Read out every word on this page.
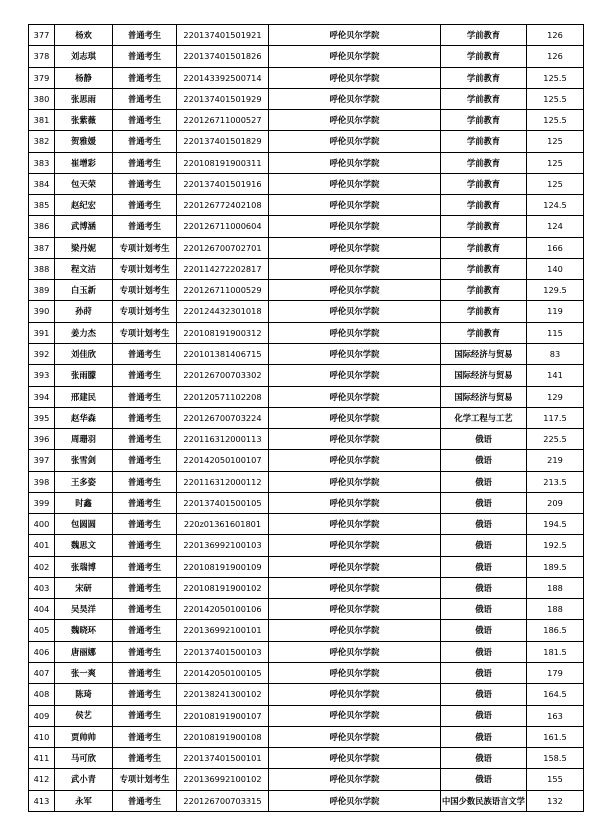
377	杨欢	普通考生	220137401501921	呼伦贝尔学院	学前教育	126
378	刘志琪	普通考生	220137401501826	呼伦贝尔学院	学前教育	126
379	杨静	普通考生	220143392500714	呼伦贝尔学院	学前教育	125.5
380	张思雨	普通考生	220137401501929	呼伦贝尔学院	学前教育	125.5
381	张紫薇	普通考生	220126711000527	呼伦贝尔学院	学前教育	125.5
382	贺雅媛	普通考生	220137401501829	呼伦贝尔学院	学前教育	125
383	崔增彩	普通考生	220108191900311	呼伦贝尔学院	学前教育	125
384	包天荣	普通考生	220137401501916	呼伦贝尔学院	学前教育	125
385	赵纪宏	普通考生	220126772402108	呼伦贝尔学院	学前教育	124.5
386	武博涵	普通考生	220126711000604	呼伦贝尔学院	学前教育	124
387	梁丹妮	专项计划考生	220126700702701	呼伦贝尔学院	学前教育	166
388	程文洁	专项计划考生	220114272202817	呼伦贝尔学院	学前教育	140
389	白玉新	专项计划考生	220126711000529	呼伦贝尔学院	学前教育	129.5
390	孙莳	专项计划考生	220124432301018	呼伦贝尔学院	学前教育	119
391	姜力杰	专项计划考生	220108191900312	呼伦贝尔学院	学前教育	115
392	刘佳欣	普通考生	220101381406715	呼伦贝尔学院	国际经济与贸易	83
393	张雨朦	普通考生	220126700703302	呼伦贝尔学院	国际经济与贸易	141
394	邢建民	普通考生	220120571102208	呼伦贝尔学院	国际经济与贸易	129
395	赵华森	普通考生	220126700703224	呼伦贝尔学院	化学工程与工艺	117.5
396	周珊羽	普通考生	220116312000113	呼伦贝尔学院	俄语	225.5
397	张雪剑	普通考生	220142050100107	呼伦贝尔学院	俄语	219
398	王多姿	普通考生	220116312000112	呼伦贝尔学院	俄语	213.5
399	时鑫	普通考生	220137401500105	呼伦贝尔学院	俄语	209
400	包圆圆	普通考生	220z01361601801	呼伦贝尔学院	俄语	194.5
401	魏思文	普通考生	220136992100103	呼伦贝尔学院	俄语	192.5
402	张瑞博	普通考生	220108191900109	呼伦贝尔学院	俄语	189.5
403	宋研	普通考生	220108191900102	呼伦贝尔学院	俄语	188
404	吴昊洋	普通考生	220142050100106	呼伦贝尔学院	俄语	188
405	魏晓环	普通考生	220136992100101	呼伦贝尔学院	俄语	186.5
406	唐丽娜	普通考生	220137401500103	呼伦贝尔学院	俄语	181.5
407	张一爽	普通考生	220142050100105	呼伦贝尔学院	俄语	179
408	陈琦	普通考生	220138241300102	呼伦贝尔学院	俄语	164.5
409	侯艺	普通考生	220108191900107	呼伦贝尔学院	俄语	163
410	贾帅帅	普通考生	220108191900108	呼伦贝尔学院	俄语	161.5
411	马可欣	普通考生	220137401500101	呼伦贝尔学院	俄语	158.5
412	武小青	专项计划考生	220136992100102	呼伦贝尔学院	俄语	155
413	永军	普通考生	220126700703315	呼伦贝尔学院	中国少数民族语言文学	132
